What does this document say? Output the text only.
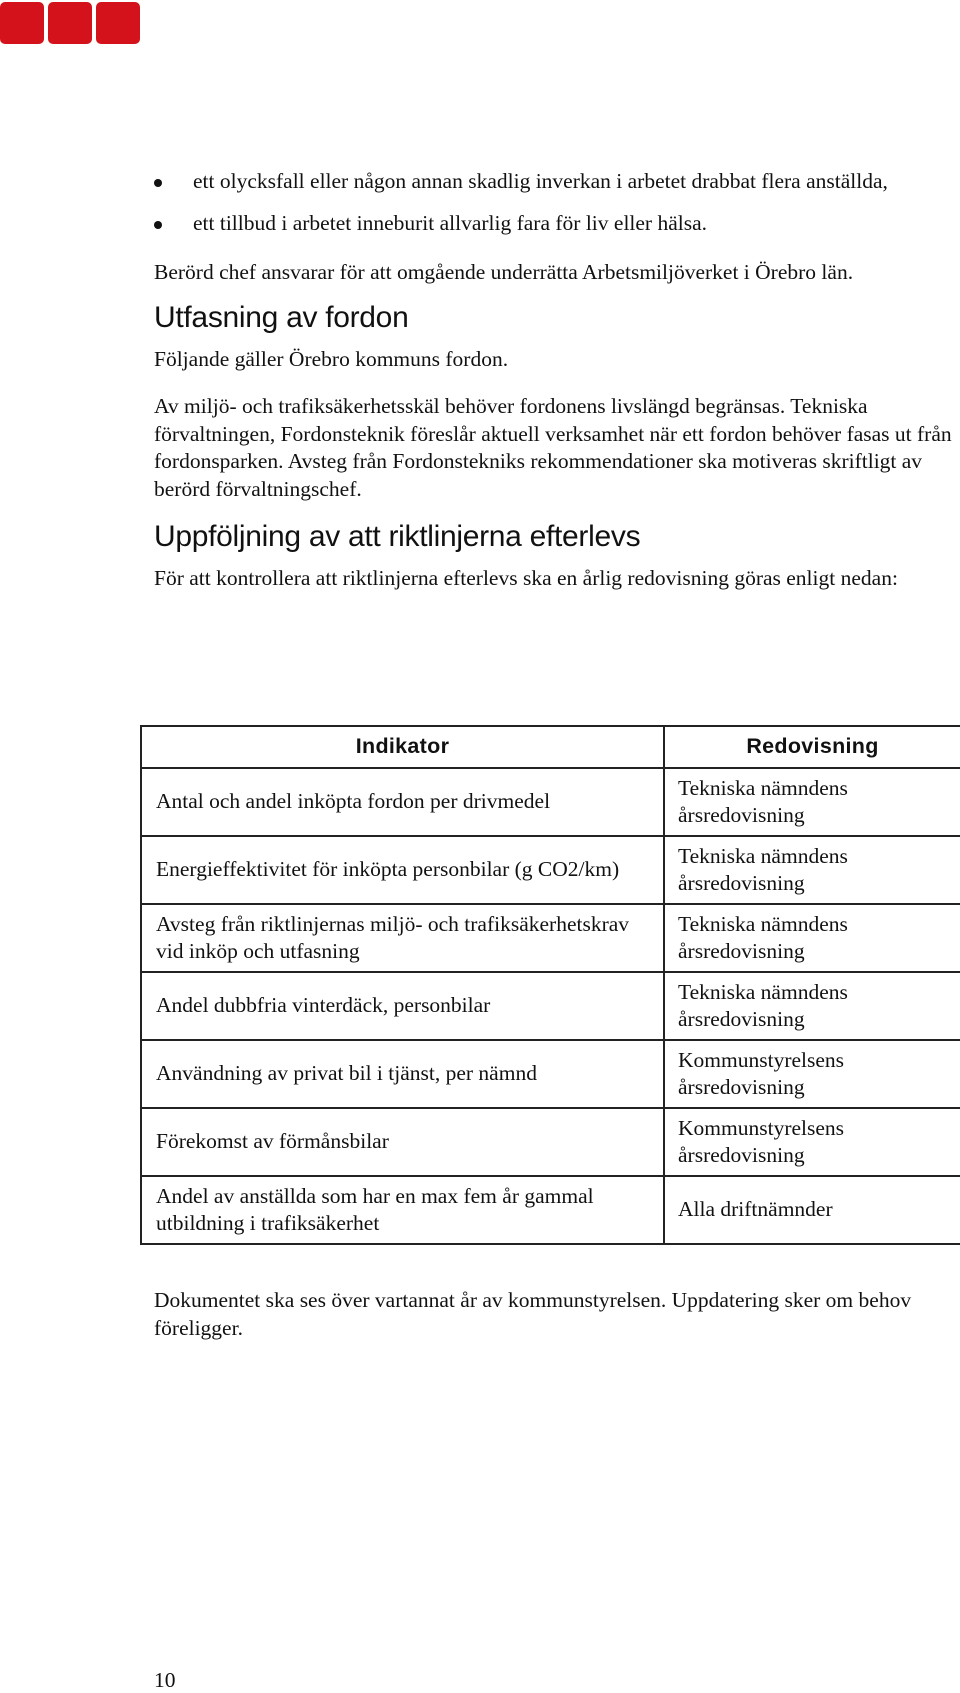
ett olycksfall eller någon annan skadlig inverkan i arbetet drabbat flera anställda,
ett tillbud i arbetet inneburit allvarlig fara för liv eller hälsa.

Berörd chef ansvarar för att omgående underrätta Arbetsmiljöverket i Örebro län.

Utfasning av fordon

Följande gäller Örebro kommuns fordon.

Av miljö- och trafiksäkerhetsskäl behöver fordonens livslängd begränsas. Tekniska förvaltningen, Fordonsteknik föreslår aktuell verksamhet när ett fordon behöver fasas ut från fordonsparken. Avsteg från Fordonstekniks rekommendationer ska motiveras skriftligt av berörd förvaltningschef.

Uppföljning av att riktlinjerna efterlevs

För att kontrollera att riktlinjerna efterlevs ska en årlig redovisning göras enligt nedan:

Indikator	Redovisning
Antal och andel inköpta fordon per drivmedel	Tekniska nämndens årsredovisning
Energieffektivitet för inköpta personbilar (g CO2/km)	Tekniska nämndens årsredovisning
Avsteg från riktlinjernas miljö- och trafiksäkerhetskrav vid inköp och utfasning	Tekniska nämndens årsredovisning
Andel dubbfria vinterdäck, personbilar	Tekniska nämndens årsredovisning
Användning av privat bil i tjänst, per nämnd	Kommunstyrelsens årsredovisning
Förekomst av förmånsbilar	Kommunstyrelsens årsredovisning
Andel av anställda som har en max fem år gammal utbildning i trafiksäkerhet	Alla driftnämnder

Dokumentet ska ses över vartannat år av kommunstyrelsen. Uppdatering sker om behov föreligger.

10
